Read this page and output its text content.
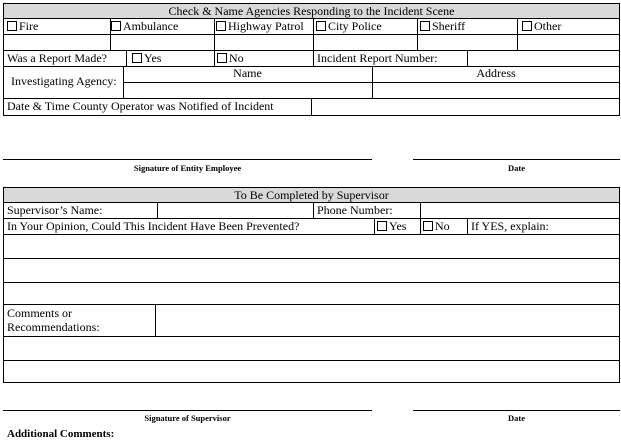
Check & Name Agencies Responding to the Incident Scene
Fire	Ambulance	Highway Patrol	City Police	Sheriff	Other
Was a Report Made?	Yes	No	Incident Report Number:
Investigating Agency:
Name	Address
Date & Time County Operator was Notified of Incident
Signature of Entity Employee	Date
To Be Completed by Supervisor
Supervisor’s Name:	Phone Number:
In Your Opinion, Could This Incident Have Been Prevented?	Yes	No If YES, explain:
Comments or
Recommendations:
Signature of Supervisor	Date
Additional Comments:
